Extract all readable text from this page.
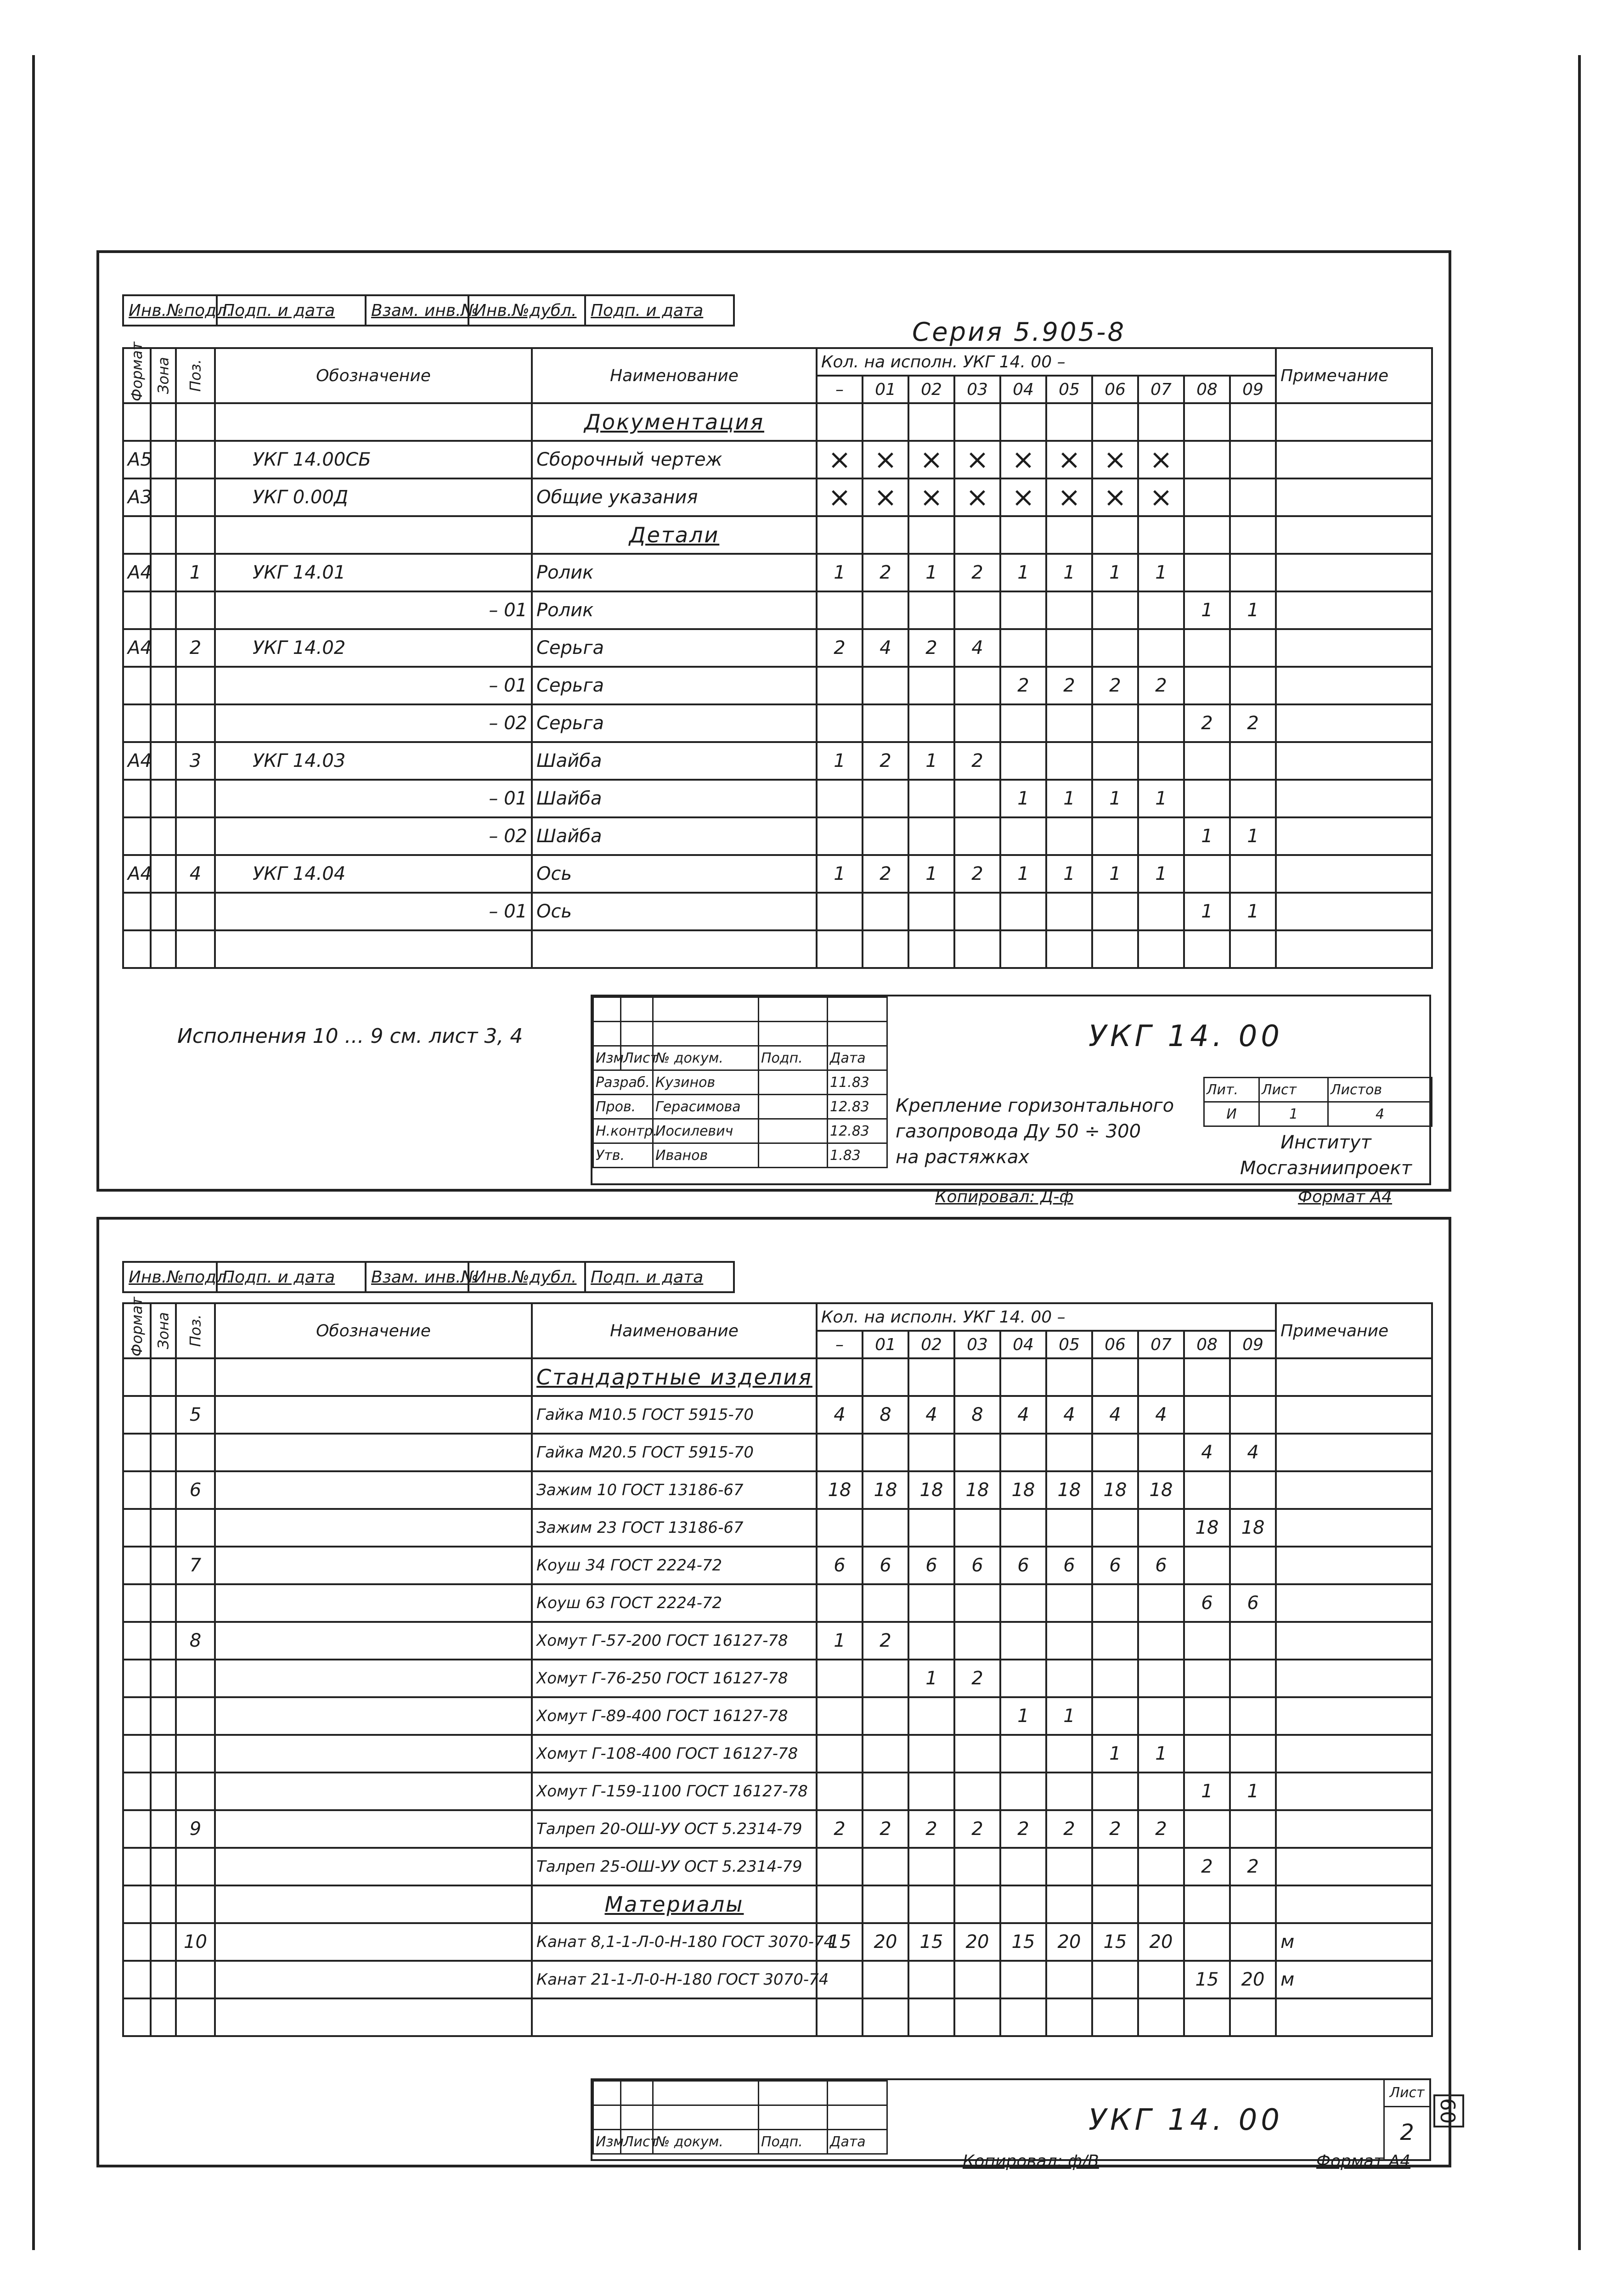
Инв.№подл.
Подп. и дата	Взам. инв.№
Инв.№дубл. Подп. и дата
Серия 5.905-8
Формат	Зона	Поз.	Обозначение	Наименование	Кол. на исполн. УКГ 14. 00 –										Примечание
					–	01	02	03	04	05	06	07	08	09	
				Документация											
А5			УКГ 14.00СБ	Сборочный чертеж	×	×	×	×	×	×	×	×			
А3			УКГ 0.00Д	Общие указания	×	×	×	×	×	×	×	×			
				Детали											
А4		1	УКГ 14.01	Ролик	1	2	1	2	1	1	1	1			
			– 01	Ролик									1	1	
А4		2	УКГ 14.02	Серьга	2	4	2	4							
			– 01	Серьга					2	2	2	2			
			– 02	Серьга									2	2	
А4		3	УКГ 14.03	Шайба	1	2	1	2							
			– 01	Шайба					1	1	1	1			
			– 02	Шайба									1	1	
А4		4	УКГ 14.04	Ось	1	2	1	2	1	1	1	1			
			– 01	Ось									1	1	

Исполнения 10 ... 9 см. лист 3, 4

Изм	Лист	№ докум.	Подп.	Дата
Разраб.		Кузинов		11.83
Пров.		Герасимова		12.83
Н.контр.		Иосилевич		12.83
Утв.		Иванов		1.83
УКГ 14. 00
Крепление горизонтального
газопровода Ду 50 ÷ 300
на растяжках
Лит.	Лист	Листов
И	1	4
Институт
Мосгазниипроект
Копировал: Д-ф	Формат А4
Инв.№подл.
Подп. и дата	Взам. инв.№
Инв.№дубл. Подп. и дата
Формат	Зона	Поз.	Обозначение	Наименование	Кол. на исполн. УКГ 14. 00 –										Примечание
					–	01	02	03	04	05	06	07	08	09	
				Стандартные изделия											
		5		Гайка М10.5 ГОСТ 5915-70	4	8	4	8	4	4	4	4			
				Гайка М20.5 ГОСТ 5915-70									4	4	
		6		Зажим 10 ГОСТ 13186-67	18	18	18	18	18	18	18	18			
				Зажим 23 ГОСТ 13186-67									18	18	
		7		Коуш 34 ГОСТ 2224-72	6	6	6	6	6	6	6	6			
				Коуш 63 ГОСТ 2224-72									6	6	
		8		Хомут Г-57-200 ГОСТ 16127-78	1	2									
				Хомут Г-76-250 ГОСТ 16127-78			1	2							
				Хомут Г-89-400 ГОСТ 16127-78					1	1					
				Хомут Г-108-400 ГОСТ 16127-78							1	1			
				Хомут Г-159-1100 ГОСТ 16127-78									1	1	
		9		Талреп 20-ОШ-УУ ОСТ 5.2314-79	2	2	2	2	2	2	2	2			
				Талреп 25-ОШ-УУ ОСТ 5.2314-79									2	2	
				Материалы											
		10		Канат 8,1-1-Л-0-Н-180 ГОСТ 3070-74	15	20	15	20	15	20	15	20			м
				Канат 21-1-Л-0-Н-180 ГОСТ 3070-74									15	20	м

Изм	Лист	№ докум.	Подп.	Дата
УКГ 14. 00
Лист
2
Копировал: ф/В	Формат А4
09
